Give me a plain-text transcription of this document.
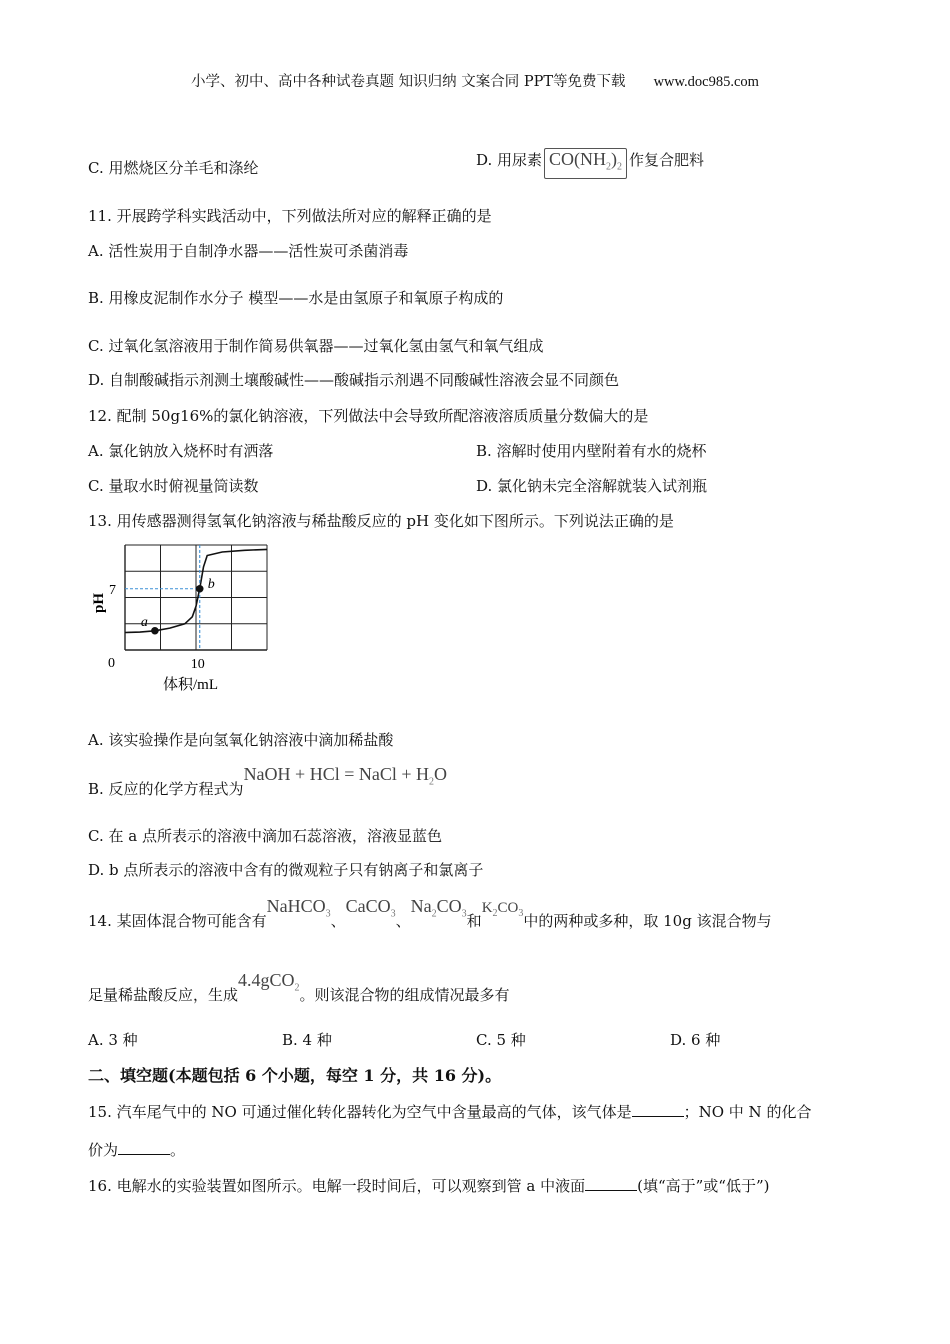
小学、初中、高中各种试卷真题 知识归纳 文案合同 PPT等免费下载 www.doc985.com
C. 用燃烧区分羊毛和涤纶	D. 用尿素 $CO(NH_2)_2$ 作复合肥料
11. 开展跨学科实践活动中，下列做法所对应的解释正确的是
A. 活性炭用于自制净水器——活性炭可杀菌消毒
B. 用橡皮泥制作水分子 模型——水是由氢原子和氧原子构成的
C. 过氧化氢溶液用于制作简易供氧器——过氧化氢由氢气和氧气组成
D. 自制酸碱指示剂测土壤酸碱性——酸碱指示剂遇不同酸碱性溶液会显不同颜色
12. 配制 50g16%的氯化钠溶液，下列做法中会导致所配溶液溶质质量分数偏大的是
A. 氯化钠放入烧杯时有洒落	B. 溶解时使用内壁附着有水的烧杯
C. 量取水时俯视量筒读数	D. 氯化钠未完全溶解就装入试剂瓶
13. 用传感器测得氢氧化钠溶液与稀盐酸反应的 pH 变化如下图所示。下列说法正确的是
a
b
pH
7
0	10
体积/mL
A. 该实验操作是向氢氧化钠溶液中滴加稀盐酸
B. 反应的化学方程式为NaOH + HCl = NaCl + $H_2O$
C. 在 a 点所表示的溶液中滴加石蕊溶液，溶液显蓝色
D. b 点所表示的溶液中含有的微观粒子只有钠离子和氯离子
14. 某固体混合物可能含有NaHCO$_3$、CaCO$_3$、$Na_2CO_3$和$K_2CO_3$中的两种或多种，取 10g 该混合物与
足量稀盐酸反应，生成4.4gCO$_2$。则该混合物的组成情况最多有
A. 3 种	B. 4 种	C. 5 种	D. 6 种
二、填空题(本题包括 6 个小题，每空 1 分，共 16 分)。
15. 汽车尾气中的 NO 可通过催化转化器转化为空气中含量最高的气体，该气体是	；NO 中 N 的化合
价为	。
16. 电解水的实验装置如图所示。电解一段时间后，可以观察到管 a 中液面	(填“高于”或“低于”)
